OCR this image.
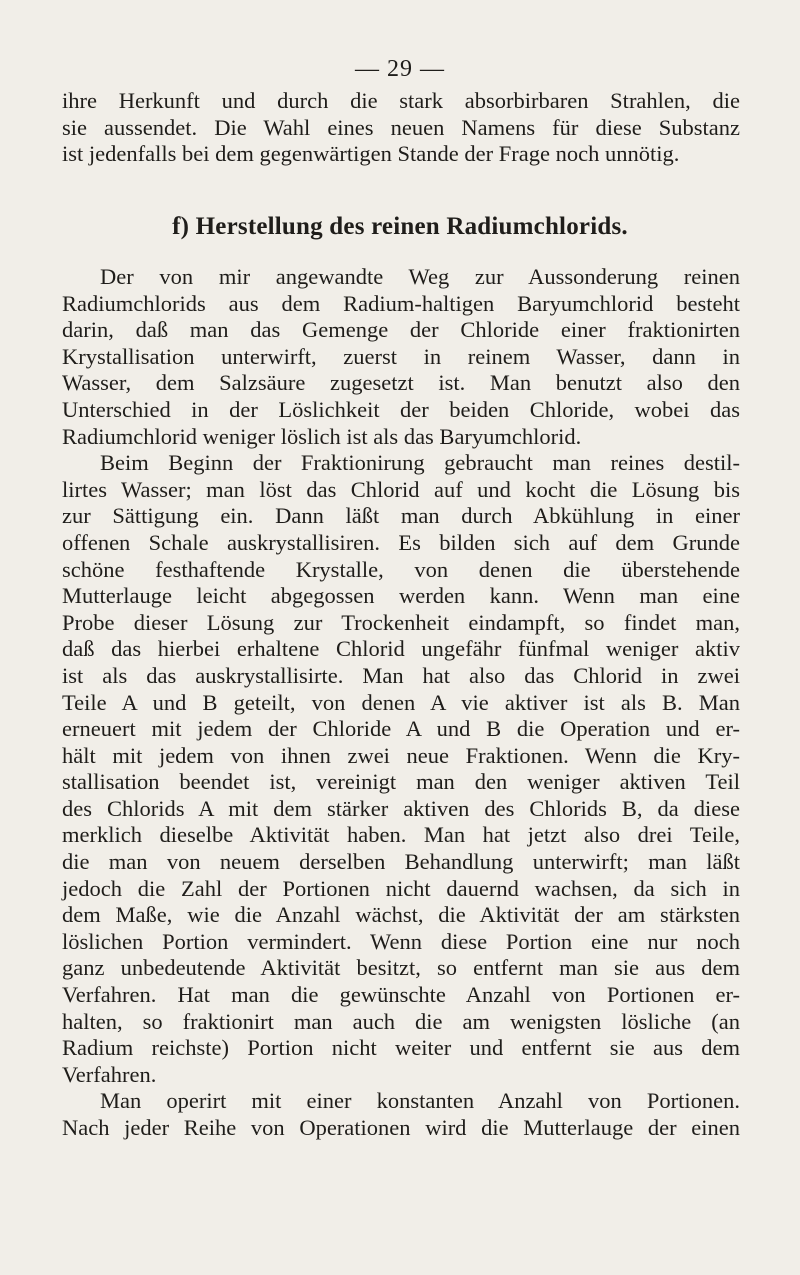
— 29 —
ihre Herkunft und durch die stark absorbirbaren Strahlen, die
sie aussendet. Die Wahl eines neuen Namens für diese Substanz
ist jedenfalls bei dem gegenwärtigen Stande der Frage noch unnötig.
f) Herstellung des reinen Radiumchlorids.
Der von mir angewandte Weg zur Aussonderung reinen
Radiumchlorids aus dem Radium-haltigen Baryumchlorid besteht
darin, daß man das Gemenge der Chloride einer fraktionirten
Krystallisation unterwirft, zuerst in reinem Wasser, dann in
Wasser, dem Salzsäure zugesetzt ist. Man benutzt also den
Unterschied in der Löslichkeit der beiden Chloride, wobei das
Radiumchlorid weniger löslich ist als das Baryumchlorid.
Beim Beginn der Fraktionirung gebraucht man reines destil-
lirtes Wasser; man löst das Chlorid auf und kocht die Lösung bis
zur Sättigung ein. Dann läßt man durch Abkühlung in einer
offenen Schale auskrystallisiren. Es bilden sich auf dem Grunde
schöne festhaftende Krystalle, von denen die überstehende
Mutterlauge leicht abgegossen werden kann. Wenn man eine
Probe dieser Lösung zur Trockenheit eindampft, so findet man,
daß das hierbei erhaltene Chlorid ungefähr fünfmal weniger aktiv
ist als das auskrystallisirte. Man hat also das Chlorid in zwei
Teile A und B geteilt, von denen A vie aktiver ist als B. Man
erneuert mit jedem der Chloride A und B die Operation und er-
hält mit jedem von ihnen zwei neue Fraktionen. Wenn die Kry-
stallisation beendet ist, vereinigt man den weniger aktiven Teil
des Chlorids A mit dem stärker aktiven des Chlorids B, da diese
merklich dieselbe Aktivität haben. Man hat jetzt also drei Teile,
die man von neuem derselben Behandlung unterwirft; man läßt
jedoch die Zahl der Portionen nicht dauernd wachsen, da sich in
dem Maße, wie die Anzahl wächst, die Aktivität der am stärksten
löslichen Portion vermindert. Wenn diese Portion eine nur noch
ganz unbedeutende Aktivität besitzt, so entfernt man sie aus dem
Verfahren. Hat man die gewünschte Anzahl von Portionen er-
halten, so fraktionirt man auch die am wenigsten lösliche (an
Radium reichste) Portion nicht weiter und entfernt sie aus dem
Verfahren.
Man operirt mit einer konstanten Anzahl von Portionen.
Nach jeder Reihe von Operationen wird die Mutterlauge der einen
